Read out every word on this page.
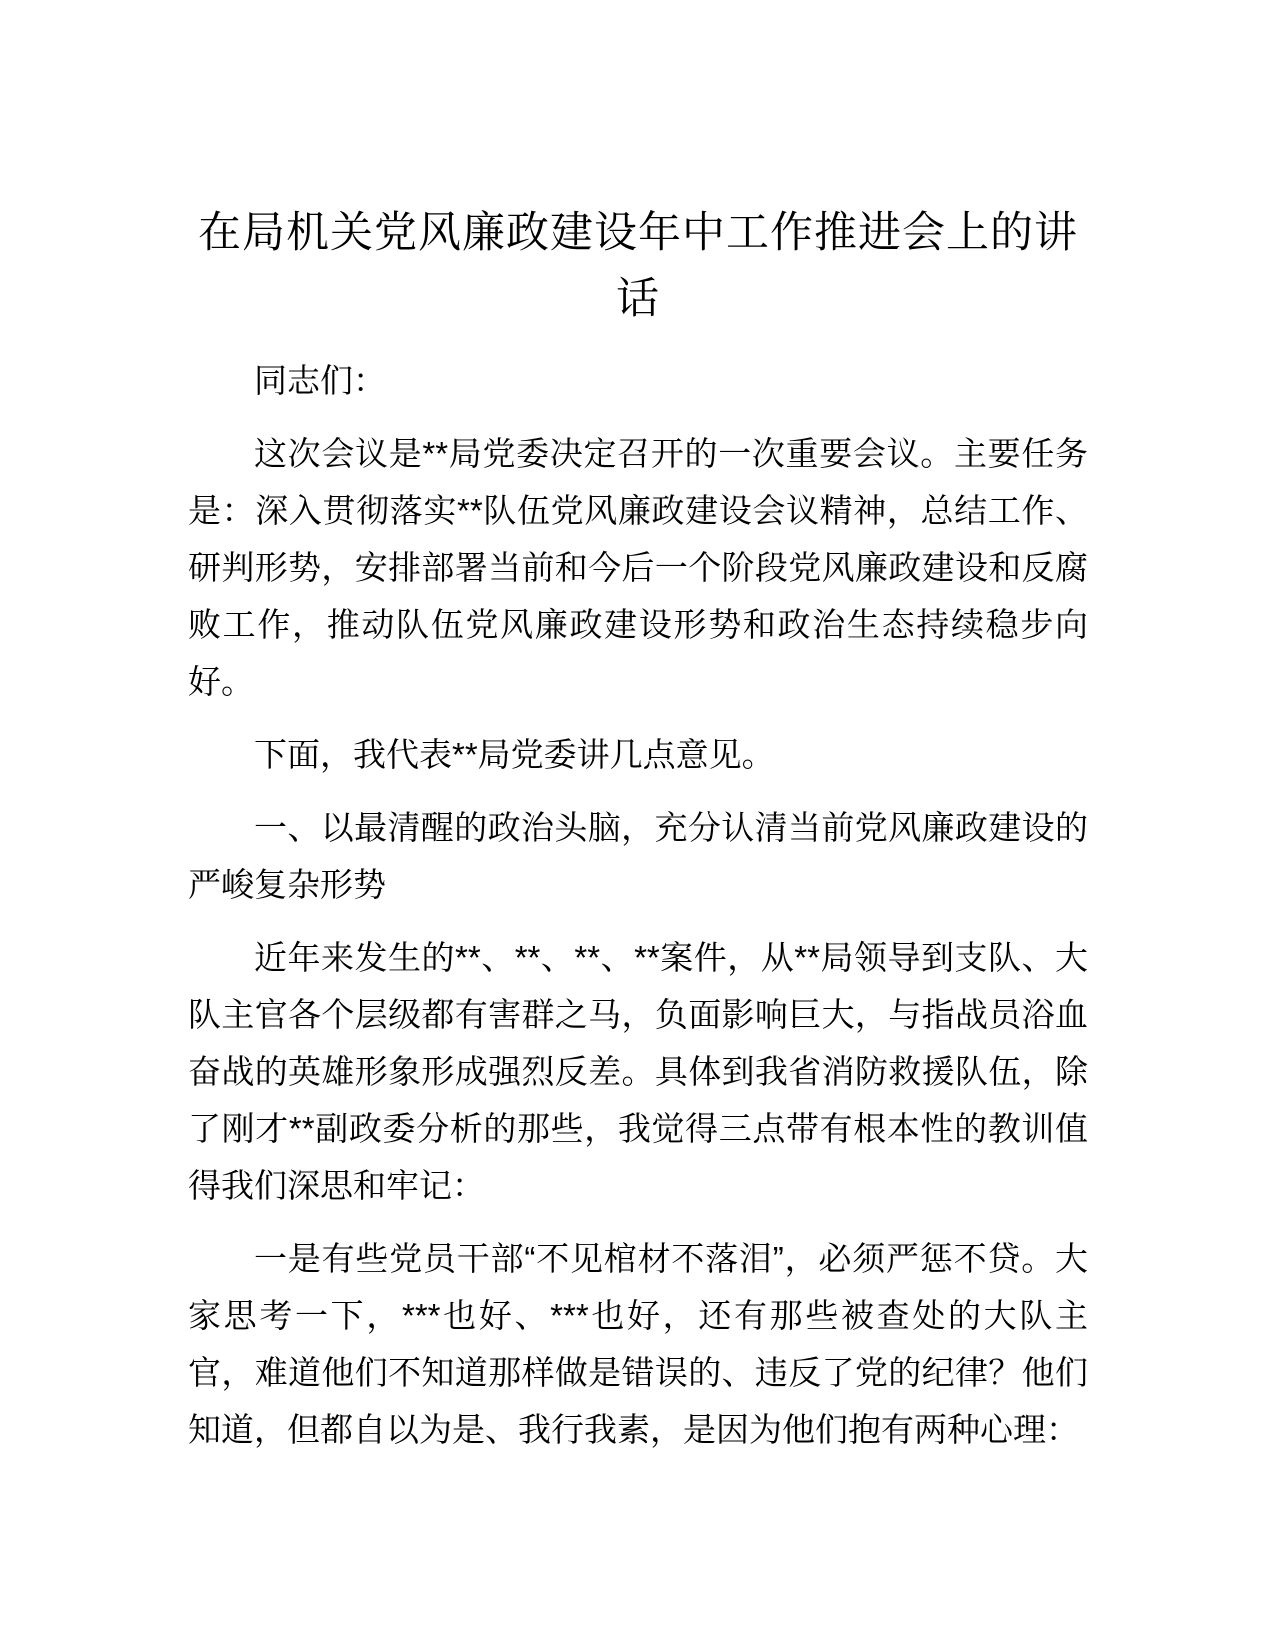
在局机关党风廉政建设年中工作推进会上的讲话

同志们：

这次会议是**局党委决定召开的一次重要会议。主要任务是：深入贯彻落实**队伍党风廉政建设会议精神，总结工作、研判形势，安排部署当前和今后一个阶段党风廉政建设和反腐败工作，推动队伍党风廉政建设形势和政治生态持续稳步向好。

下面，我代表**局党委讲几点意见。

一、以最清醒的政治头脑，充分认清当前党风廉政建设的严峻复杂形势

近年来发生的**、**、**、**案件，从**局领导到支队、大队主官各个层级都有害群之马，负面影响巨大，与指战员浴血奋战的英雄形象形成强烈反差。具体到我省消防救援队伍，除了刚才**副政委分析的那些，我觉得三点带有根本性的教训值得我们深思和牢记：

一是有些党员干部“不见棺材不落泪”，必须严惩不贷。大家思考一下，***也好、***也好，还有那些被查处的大队主官，难道他们不知道那样做是错误的、违反了党的纪律？他们知道，但都自以为是、我行我素，是因为他们抱有两种心理：
